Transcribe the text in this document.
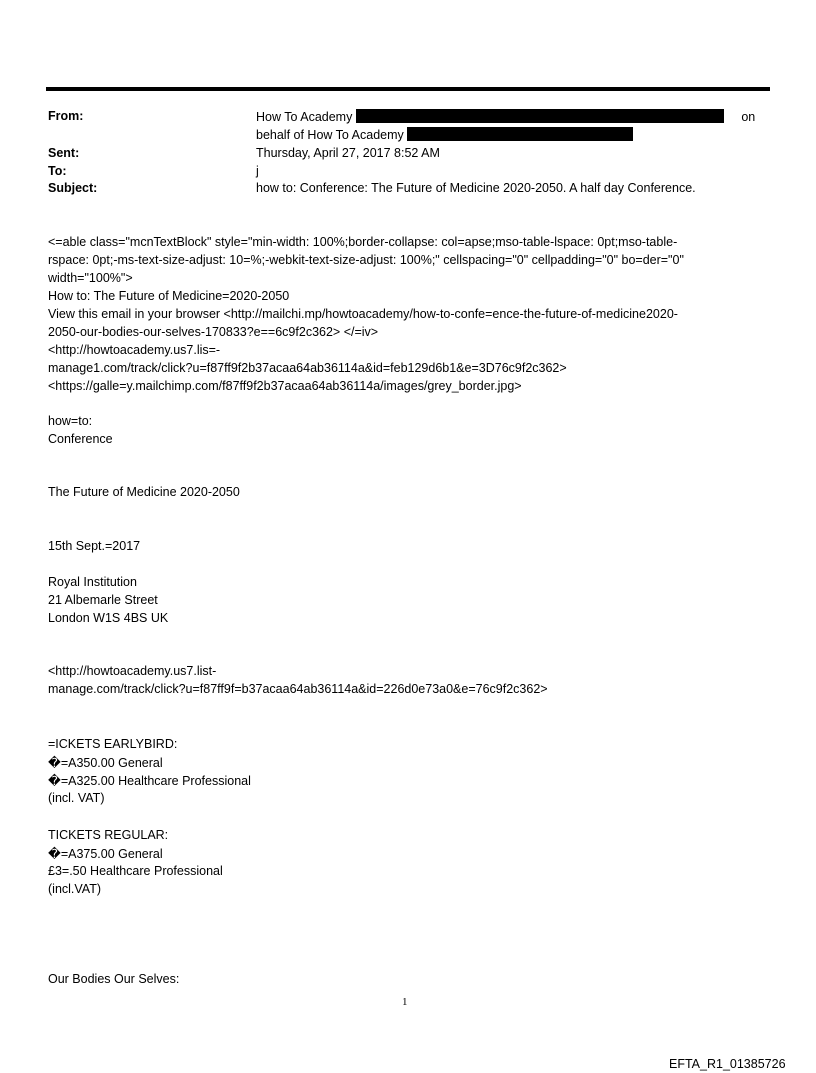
From:	How To Academy	on
behalf of How To Academy
Sent:	Thursday, April 27, 2017 8:52 AM
To:	j
Subject:	how to: Conference: The Future of Medicine 2020-2050. A half day Conference.
<=able class="mcnTextBlock" style="min-width: 100%;border-collapse: col=apse;mso-table-lspace: 0pt;mso-table-
rspace: 0pt;-ms-text-size-adjust: 10=%;-webkit-text-size-adjust: 100%;" cellspacing="0" cellpadding="0" bo=der="0"
width="100%">
How to: The Future of Medicine=2020-2050
View this email in your browser <http://mailchi.mp/howtoacademy/how-to-confe=ence-the-future-of-medicine2020-
2050-our-bodies-our-selves-170833?e==6c9f2c362> </=iv>
<http://howtoacademy.us7.lis=-
manage1.com/track/click?u=f87ff9f2b37acaa64ab36114a&id=feb129d6b1&e=3D76c9f2c362>
<https://galle=y.mailchimp.com/f87ff9f2b37acaa64ab36114a/images/grey_border.jpg>
how=to:
Conference
The Future of Medicine 2020-2050
15th Sept.=2017
Royal Institution
21 Albemarle Street
London W1S 4BS UK
<http://howtoacademy.us7.list-
manage.com/track/click?u=f87ff9f=b37acaa64ab36114a&id=226d0e73a0&e=76c9f2c362>
=ICKETS EARLYBIRD:
�=A350.00 General
�=A325.00 Healthcare Professional
(incl. VAT)
TICKETS REGULAR:
�=A375.00 General
£3=.50 Healthcare Professional
(incl.VAT)
Our Bodies Our Selves:
1
EFTA_R1_01385726
